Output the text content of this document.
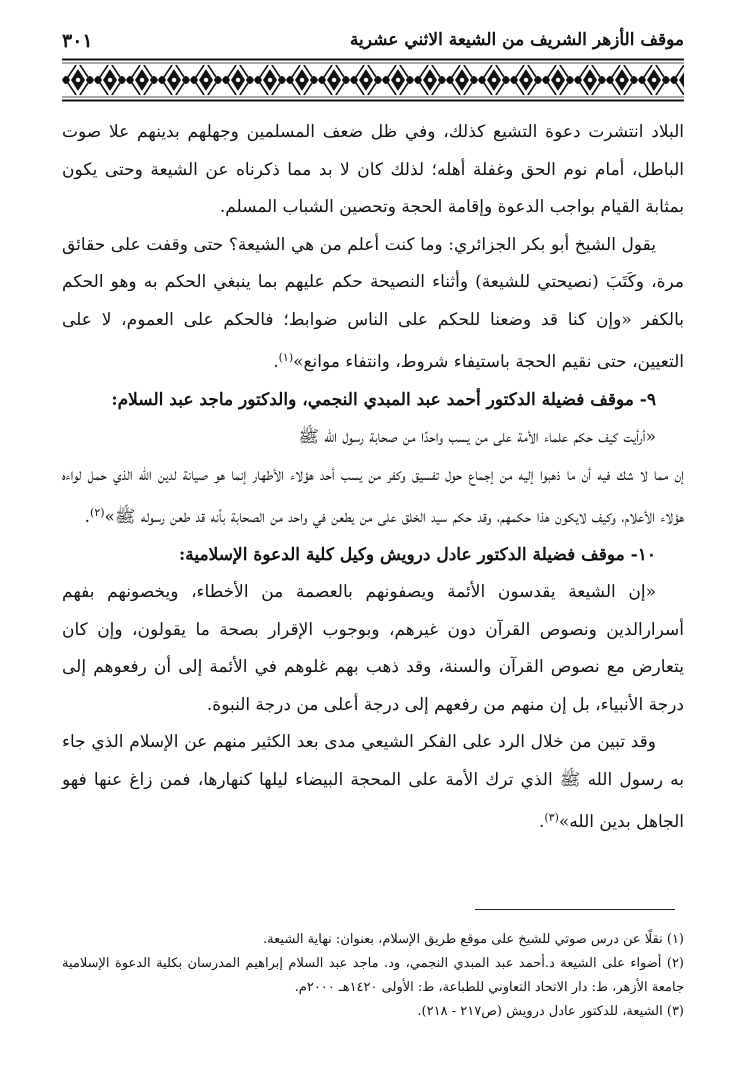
موقف الأزهر الشريف من الشيعة الاثني عشرية
٣٠١

البلاد انتشرت دعوة التشيع كذلك، وفي ظل ضعف المسلمين وجهلهم بدينهم علا صوت الباطل، أمام نوم الحق وغفلة أهله؛ لذلك كان لا بد مما ذكرناه عن الشيعة وحتى يكون بمثابة القيام بواجب الدعوة وإقامة الحجة وتحصين الشباب المسلم.

يقول الشيخ أبو بكر الجزائري: وما كنت أعلم من هي الشيعة؟ حتى وقفت على حقائق مرة، وكَتَبَ (نصيحتي للشيعة) وأثناء النصيحة حكم عليهم بما ينبغي الحكم به وهو الحكم بالكفر «وإن كنا قد وضعنا للحكم على الناس ضوابط؛ فالحكم على العموم، لا على التعيين، حتى نقيم الحجة باستيفاء شروط، وانتفاء موانع»$^{(١)}$.

٩- موقف فضيلة الدكتور أحمد عبد المبدي النجمي، والدكتور ماجد عبد السلام:

«أرأيت كيف حكم علماء الأمة على من يسب واحدًا من صحابة رسول الله ﷺ

إن مما لا شك فيه أن ما ذهبوا إليه من إجماع حول تفسيق وكفر من يسب أحد هؤلاء الأطهار إنما هو صيانة لدين الله الذي حمل لواءه هؤلاء الأعلام، وكيف لايكون هذا حكمهم، وقد حكم سيد الخلق على من يطعن في واحد من الصحابة بأنه قد طعن رسوله ﷺ»$^{(٢)}$.

١٠- موقف فضيلة الدكتور عادل درويش وكيل كلية الدعوة الإسلامية:

«إن الشيعة يقدسون الأئمة ويصفونهم بالعصمة من الأخطاء، ويخصونهم بفهم أسرارالدين ونصوص القرآن دون غيرهم، وبوجوب الإقرار بصحة ما يقولون، وإن كان يتعارض مع نصوص القرآن والسنة، وقد ذهب بهم غلوهم في الأئمة إلى أن رفعوهم إلى درجة الأنبياء، بل إن منهم من رفعهم إلى درجة أعلى من درجة النبوة.

وقد تبين من خلال الرد على الفكر الشيعي مدى بعد الكثير منهم عن الإسلام الذي جاء به رسول الله ﷺ الذي ترك الأمة على المحجة البيضاء ليلها كنهارها، فمن زاغ عنها فهو الجاهل بدين الله»$^{(٣)}$.

(١) نقلًا عن درس صوتي للشيخ على موقع طريق الإسلام، بعنوان: نهاية الشيعة.

(٢) أضواء على الشيعة د.أحمد عبد المبدي النجمي، ود. ماجد عبد السلام إبراهيم المدرسان بكلية الدعوة الإسلامية جامعة الأزهر، ط: دار الاتحاد التعاوني للطباعة، ط: الأولى ١٤٢٠هـ ٢٠٠٠م.

(٣) الشيعة، للدكتور عادل درويش (ص٢١٧ - ٢١٨).
